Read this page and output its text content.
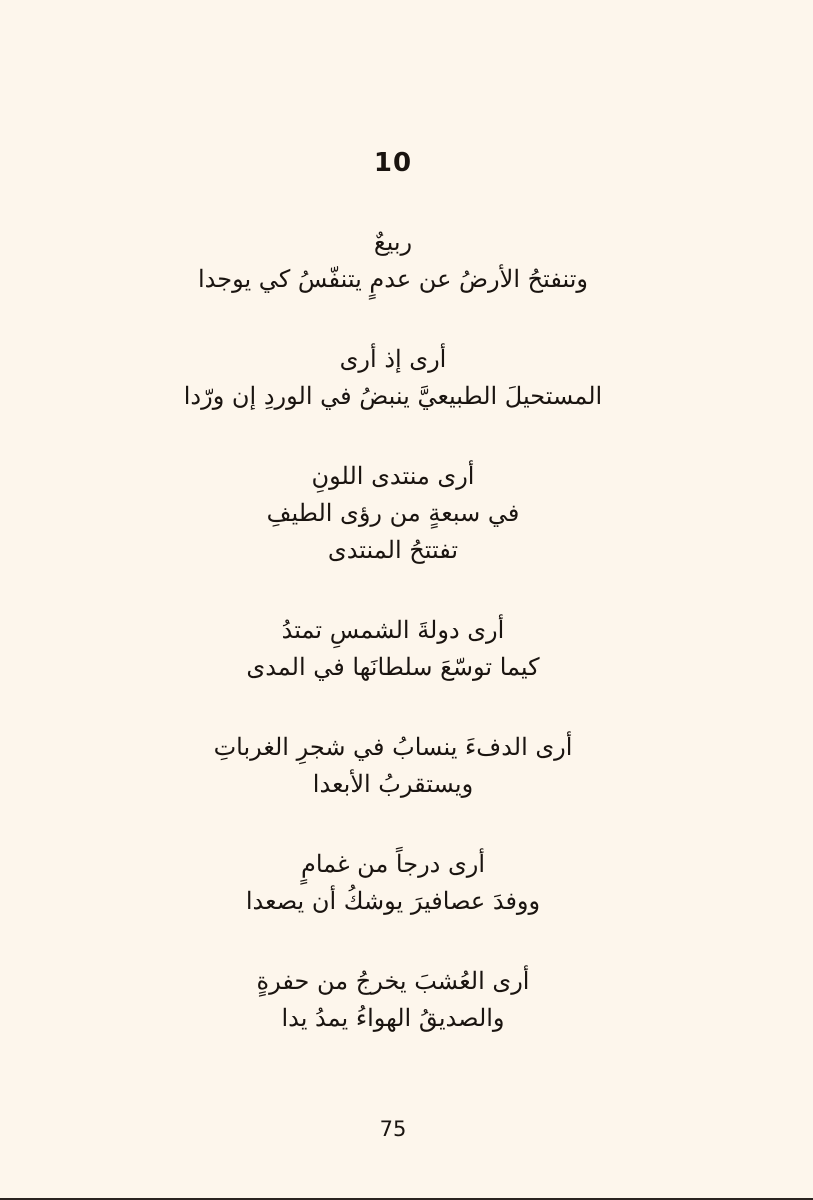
10
ربيعٌ
وتنفتحُ الأرضُ عن عدمٍ يتنفّسُ كي يوجدا
أرى إذ أرى
المستحيلَ الطبيعيَّ ينبضُ في الوردِ إن ورّدا
أرى منتدى اللونِ
في سبعةٍ من رؤى الطيفِ
تفتتحُ المنتدى
أرى دولةَ الشمسِ تمتدُ
كيما توسّعَ سلطانَها في المدى
أرى الدفءَ ينسابُ في شجرِ الغرباتِ
ويستقربُ الأبعدا
أرى درجاً من غمامٍ
ووفدَ عصافيرَ يوشكُ أن يصعدا
أرى العُشبَ يخرجُ من حفرةٍ
والصديقُ الهواءُ يمدُ يدا
75
